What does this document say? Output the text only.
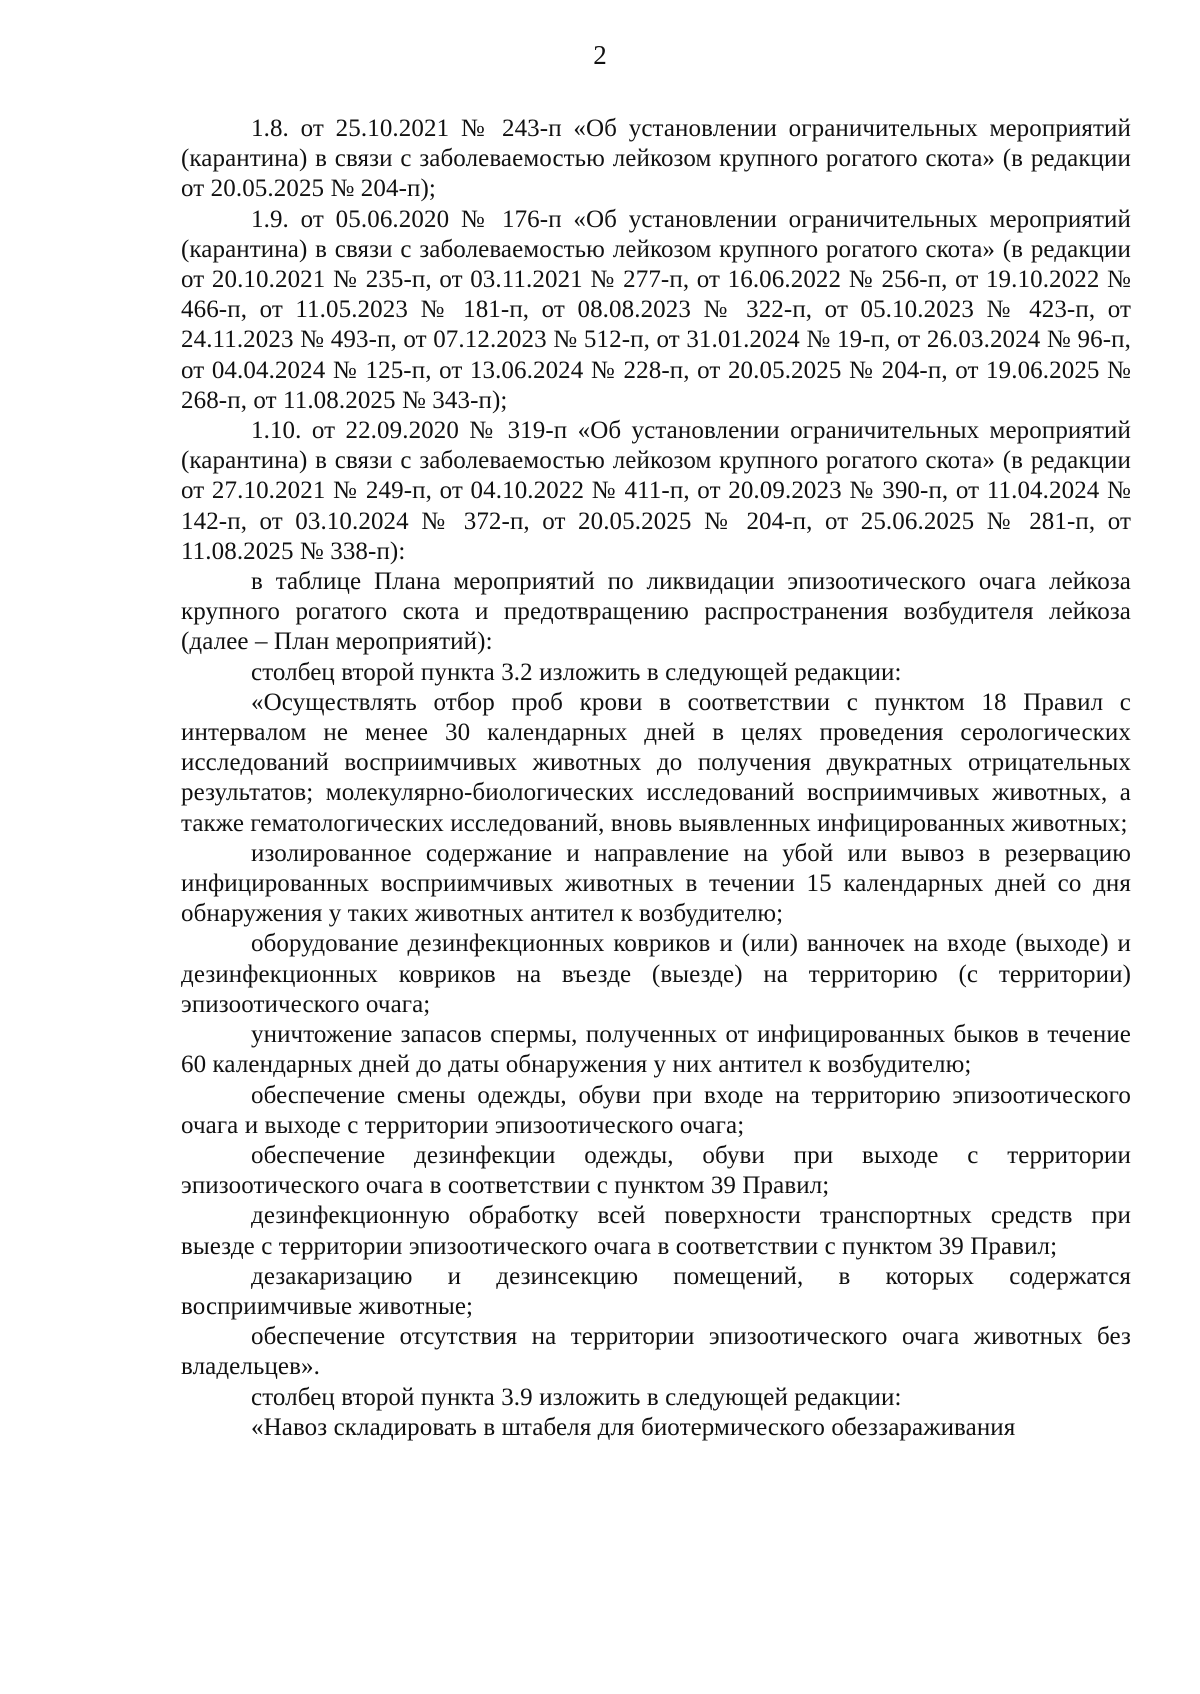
2

1.8. от 25.10.2021 № 243-п «Об установлении ограничительных мероприятий (карантина) в связи с заболеваемостью лейкозом крупного рогатого скота» (в редакции от 20.05.2025 № 204-п);

1.9. от 05.06.2020 № 176-п «Об установлении ограничительных мероприятий (карантина) в связи с заболеваемостью лейкозом крупного рогатого скота» (в редакции от 20.10.2021 № 235-п, от 03.11.2021 № 277-п, от 16.06.2022 № 256-п, от 19.10.2022 № 466-п, от 11.05.2023 № 181-п, от 08.08.2023 № 322-п, от 05.10.2023 № 423-п, от 24.11.2023 № 493-п, от 07.12.2023 № 512-п, от 31.01.2024 № 19-п, от 26.03.2024 № 96-п, от 04.04.2024 № 125-п, от 13.06.2024 № 228-п, от 20.05.2025 № 204-п, от 19.06.2025 № 268-п, от 11.08.2025 № 343-п);

1.10. от 22.09.2020 № 319-п «Об установлении ограничительных мероприятий (карантина) в связи с заболеваемостью лейкозом крупного рогатого скота» (в редакции от 27.10.2021 № 249-п, от 04.10.2022 № 411-п, от 20.09.2023 № 390-п, от 11.04.2024 № 142-п, от 03.10.2024 № 372-п, от 20.05.2025 № 204-п, от 25.06.2025 № 281-п, от 11.08.2025 № 338-п):

в таблице Плана мероприятий по ликвидации эпизоотического очага лейкоза крупного рогатого скота и предотвращению распространения возбудителя лейкоза (далее – План мероприятий):

столбец второй пункта 3.2 изложить в следующей редакции:

«Осуществлять отбор проб крови в соответствии с пунктом 18 Правил с интервалом не менее 30 календарных дней в целях проведения серологических исследований восприимчивых животных до получения двукратных отрицательных результатов; молекулярно-биологических исследований восприимчивых животных, а также гематологических исследований, вновь выявленных инфицированных животных;

изолированное содержание и направление на убой или вывоз в резервацию инфицированных восприимчивых животных в течении 15 календарных дней со дня обнаружения у таких животных антител к возбудителю;

оборудование дезинфекционных ковриков и (или) ванночек на входе (выходе) и дезинфекционных ковриков на въезде (выезде) на территорию (с территории) эпизоотического очага;

уничтожение запасов спермы, полученных от инфицированных быков в течение 60 календарных дней до даты обнаружения у них антител к возбудителю;

обеспечение смены одежды, обуви при входе на территорию эпизоотического очага и выходе с территории эпизоотического очага;

обеспечение дезинфекции одежды, обуви при выходе с территории эпизоотического очага в соответствии с пунктом 39 Правил;

дезинфекционную обработку всей поверхности транспортных средств при выезде с территории эпизоотического очага в соответствии с пунктом 39 Правил;

дезакаризацию и дезинсекцию помещений, в которых содержатся восприимчивые животные;

обеспечение отсутствия на территории эпизоотического очага животных без владельцев».

столбец второй пункта 3.9 изложить в следующей редакции:

«Навоз складировать в штабеля для биотермического обеззараживания
